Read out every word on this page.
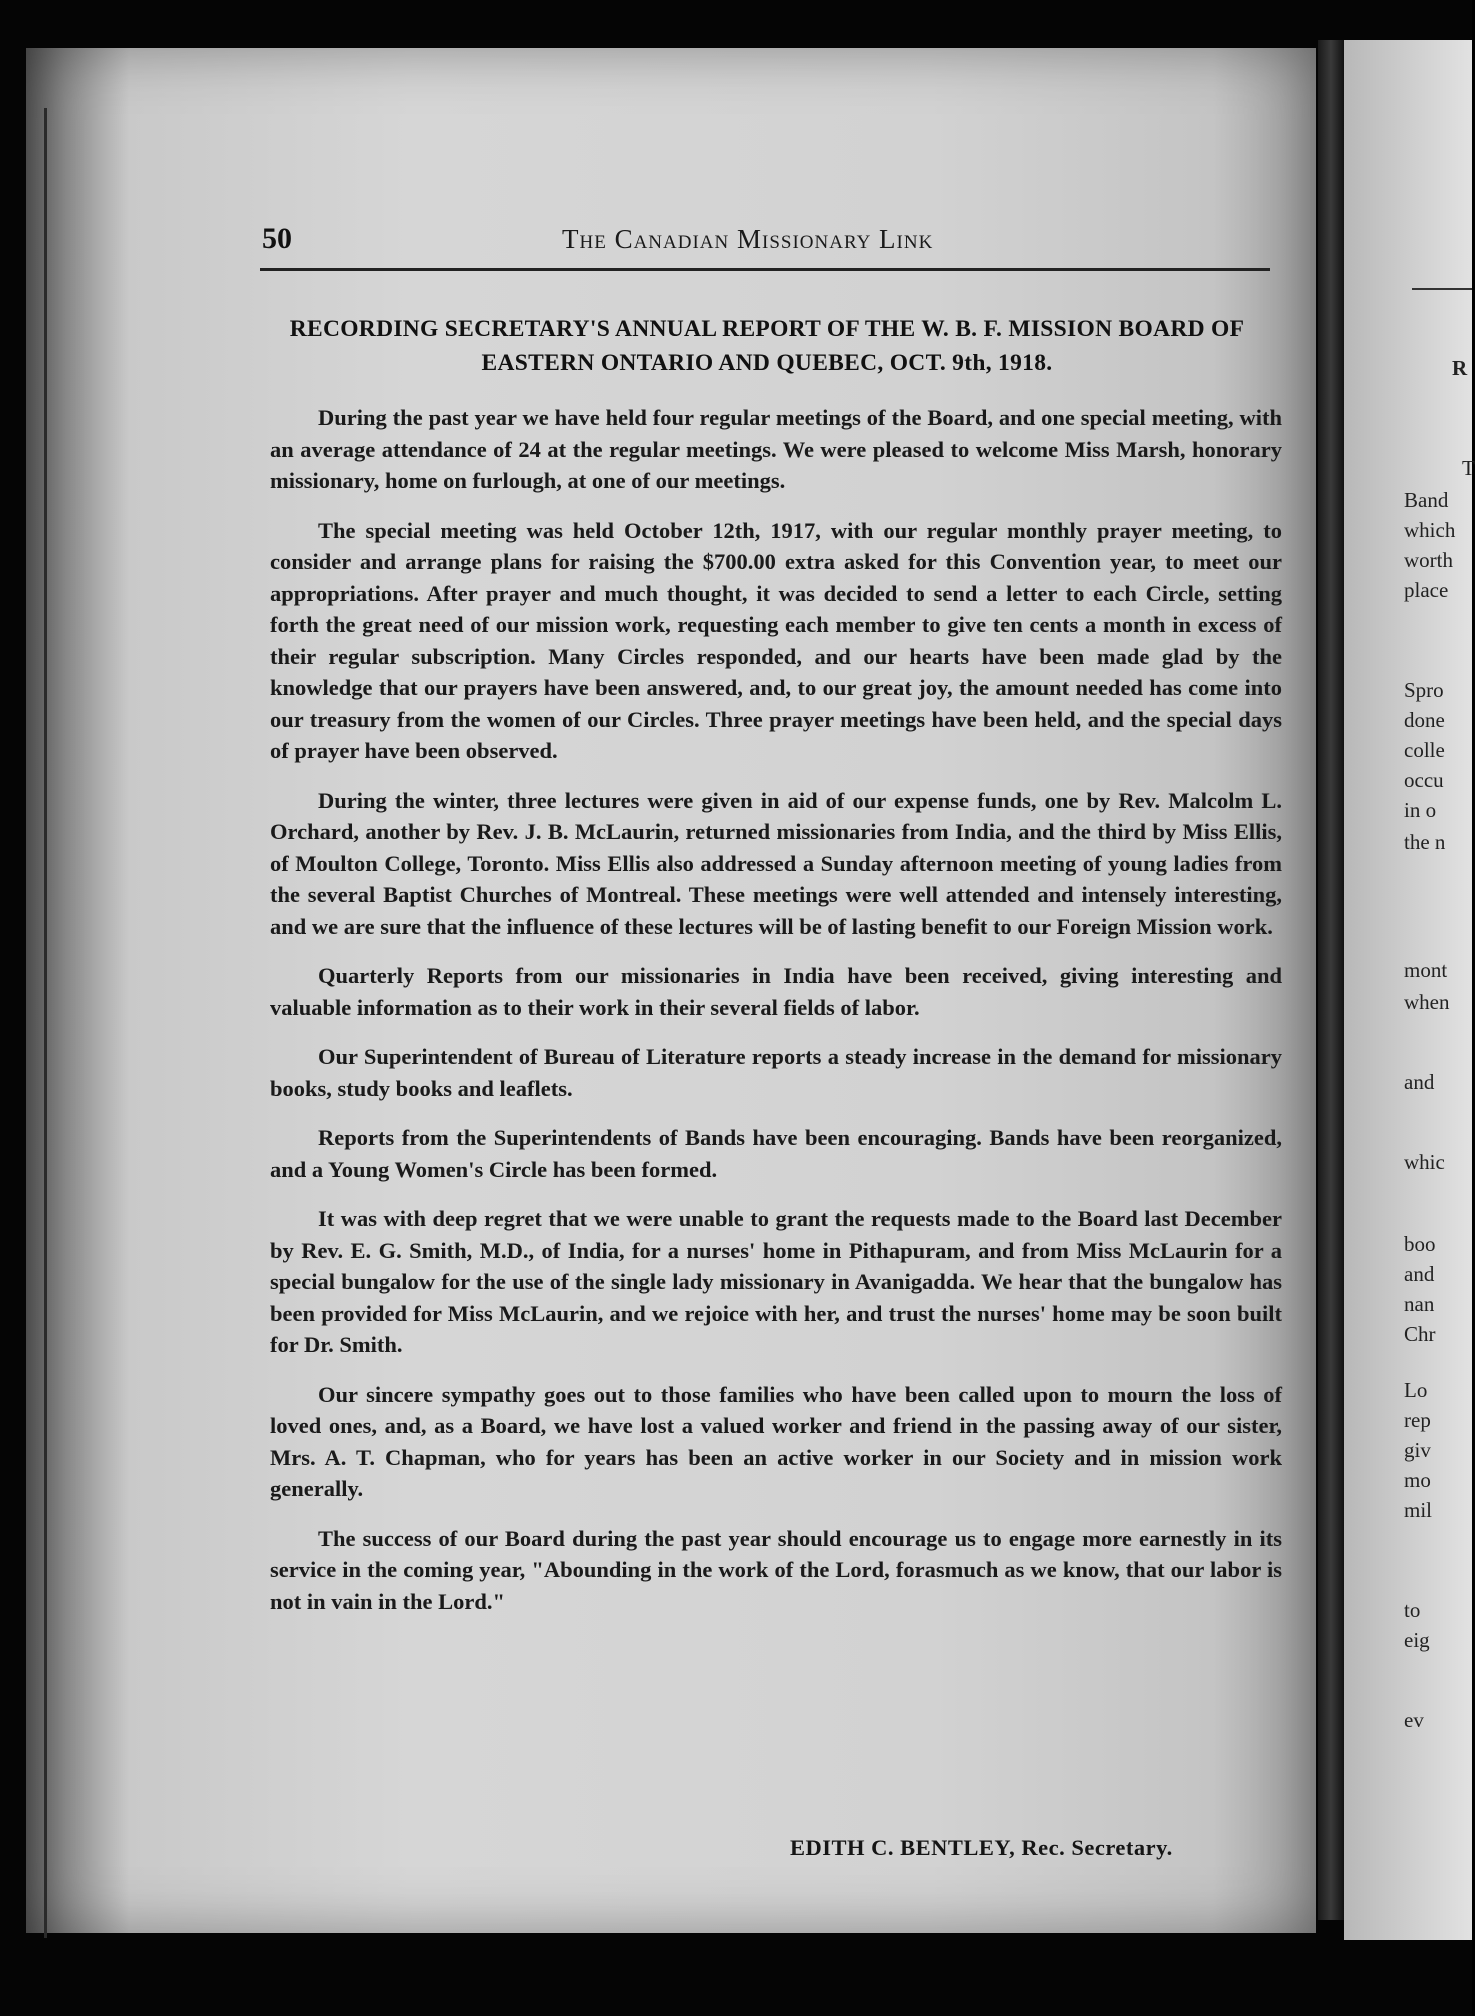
50	The Canadian Missionary Link
RECORDING SECRETARY'S ANNUAL REPORT OF THE W. B. F. MISSION BOARD OF EASTERN ONTARIO AND QUEBEC, OCT. 9th, 1918.

During the past year we have held four regular meetings of the Board, and one special meeting, with an average attendance of 24 at the regular meetings. We were pleased to welcome Miss Marsh, honorary missionary, home on furlough, at one of our meetings.

The special meeting was held October 12th, 1917, with our regular monthly prayer meeting, to consider and arrange plans for raising the $700.00 extra asked for this Convention year, to meet our appropriations. After prayer and much thought, it was decided to send a letter to each Circle, setting forth the great need of our mission work, requesting each member to give ten cents a month in excess of their regular subscription. Many Circles responded, and our hearts have been made glad by the knowledge that our prayers have been answered, and, to our great joy, the amount needed has come into our treasury from the women of our Circles. Three prayer meetings have been held, and the special days of prayer have been observed.

During the winter, three lectures were given in aid of our expense funds, one by Rev. Malcolm L. Orchard, another by Rev. J. B. McLaurin, returned missionaries from India, and the third by Miss Ellis, of Moulton College, Toronto. Miss Ellis also addressed a Sunday afternoon meeting of young ladies from the several Baptist Churches of Montreal. These meetings were well attended and intensely interesting, and we are sure that the influence of these lectures will be of lasting benefit to our Foreign Mission work.

Quarterly Reports from our missionaries in India have been received, giving interesting and valuable information as to their work in their several fields of labor.

Our Superintendent of Bureau of Literature reports a steady increase in the demand for missionary books, study books and leaflets.

Reports from the Superintendents of Bands have been encouraging. Bands have been reorganized, and a Young Women's Circle has been formed.

It was with deep regret that we were unable to grant the requests made to the Board last December by Rev. E. G. Smith, M.D., of India, for a nurses' home in Pithapuram, and from Miss McLaurin for a special bungalow for the use of the single lady missionary in Avanigadda. We hear that the bungalow has been provided for Miss McLaurin, and we rejoice with her, and trust the nurses' home may be soon built for Dr. Smith.

Our sincere sympathy goes out to those families who have been called upon to mourn the loss of loved ones, and, as a Board, we have lost a valued worker and friend in the passing away of our sister, Mrs. A. T. Chapman, who for years has been an active worker in our Society and in mission work generally.

The success of our Board during the past year should encourage us to engage more earnestly in its service in the coming year, "Abounding in the work of the Lord, forasmuch as we know, that our labor is not in vain in the Lord."

EDITH C. BENTLEY, Rec. Secretary.
R
T
Band
which
worth
place
Spro
done
colle
occu
in o
the n
mont
when
and
whic
boo
and
nan
Chr
Lo
rep
giv
mo
mil
to
eig
ev
